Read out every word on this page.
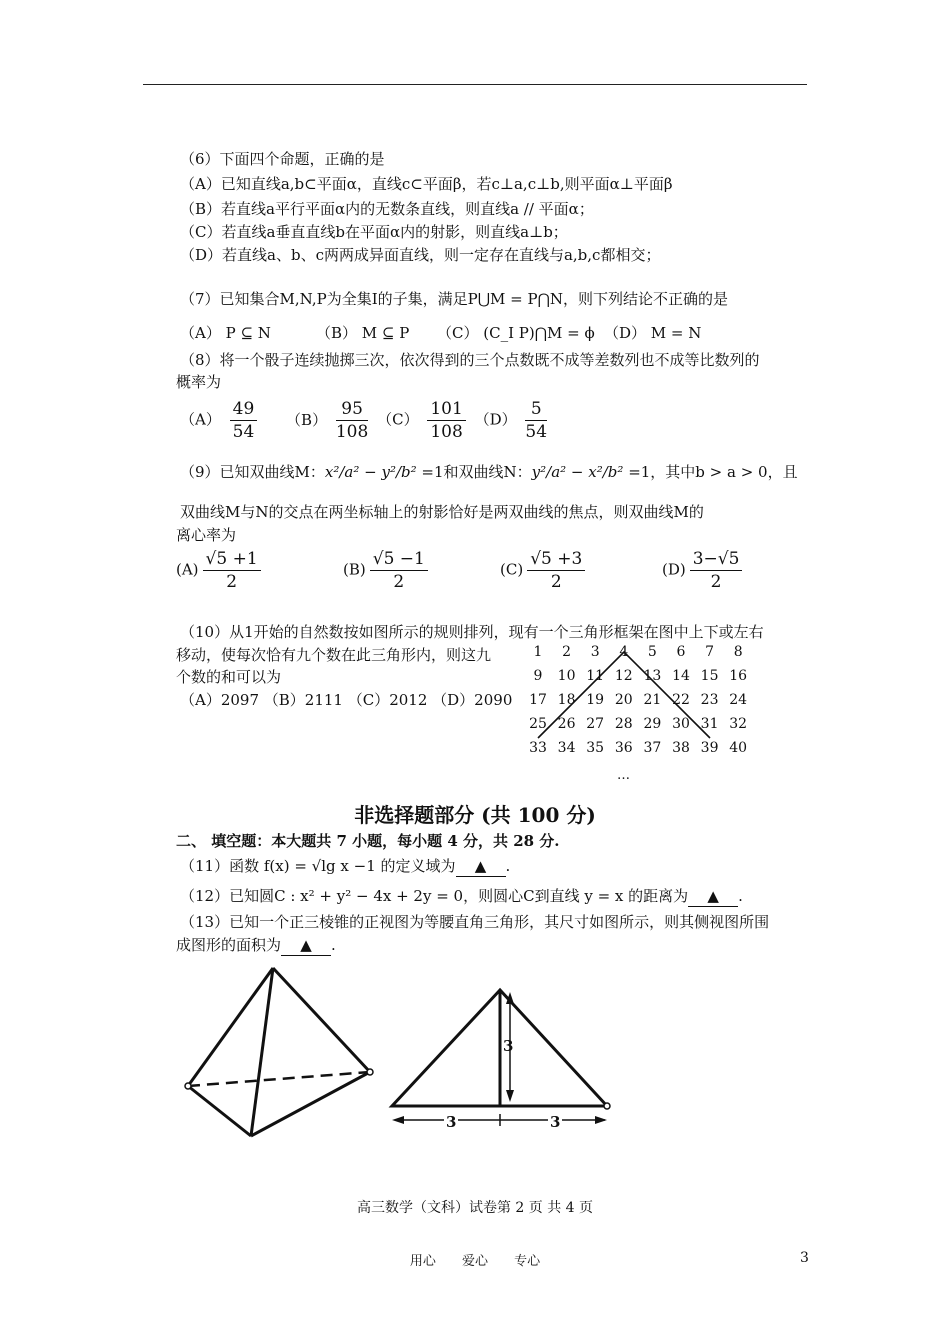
（6）下面四个命题，正确的是
（A）已知直线a,b⊂平面α，直线c⊂平面β，若c⊥a,c⊥b,则平面α⊥平面β
（B）若直线a平行平面α内的无数条直线，则直线a // 平面α；
（C）若直线a垂直直线b在平面α内的射影，则直线a⊥b；
（D）若直线a、b、c两两成异面直线，则一定存在直线与a,b,c都相交；
（7）已知集合M,N,P为全集I的子集，满足P⋃M = P⋂N，则下列结论不正确的是
（A） P ⊆ N	（B） M ⊆ P （C） (C_I P)⋂M = ϕ （D） M = N
（8）将一个骰子连续抛掷三次，依次得到的三个点数既不成等差数列也不成等比数列的
概率为
$(A) \frac{49}{54} (B) \frac{95}{108} (C) \frac{101}{108} (D) \frac{5}{54}$
（9）已知双曲线M：x²/a² − y²/b² =1和双曲线N：y²/a² − x²/b² =1，其中b > a > 0，且
双曲线M与N的交点在两坐标轴上的射影恰好是两双曲线的焦点，则双曲线M的
离心率为
$(A) \frac{√5 +1}{2}$	$(B) \frac{√5 -1}{2}$	$(C) \frac{√5 +3}{2}$	$(D) \frac{3-√5}{2}$
（10）从1开始的自然数按如图所示的规则排列，现有一个三角形框架在图中上下或左右
移动，使每次恰有九个数在此三角形内，则这九
个数的和可以为
（A）2097 （B）2111 （C）2012 （D）2090
1	2	3	4	5	6	7	8
9	10 11 12 13 14 15 16
17 18 19 20 21 22 23 24
25 26 27 28 29 30 31 32
33 34 35 36 37 38 39 40
…
非选择题部分 (共 100 分)
二、 填空题：本大题共 7 小题，每小题 4 分，共 28 分.
（11）函数 f(x) = √lg x −1 的定义域为 ▲ .
（12）已知圆C : x² + y² − 4x + 2y = 0，则圆心C到直线 y = x 的距离为 ▲ .
（13）已知一个正三棱锥的正视图为等腰直角三角形，其尺寸如图所示，则其侧视图所围
成图形的面积为 ▲ .
3
3	3
高三数学（文科）试卷第 2 页 共 4 页
用心 爱心 专心	3
